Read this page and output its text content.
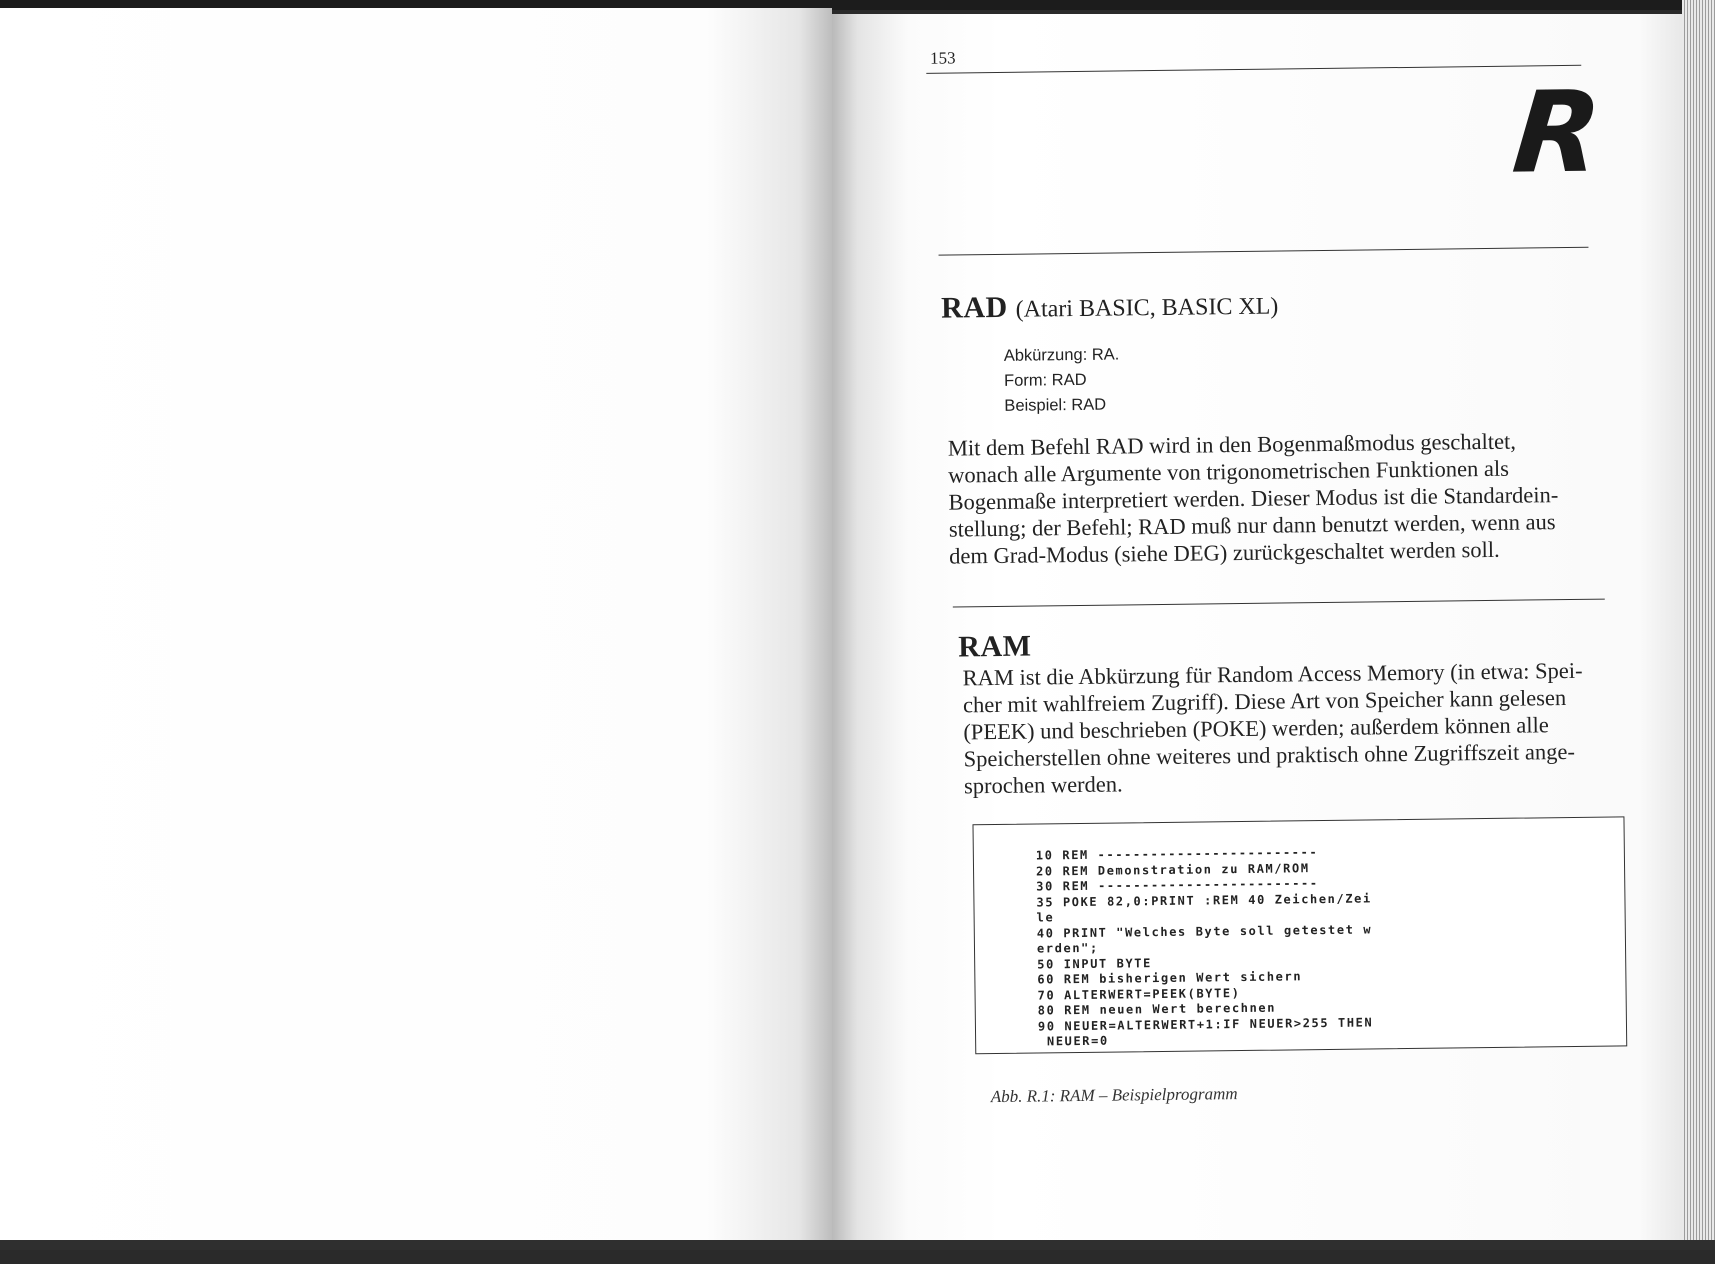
153
R
RAD (Atari BASIC, BASIC XL)
Abkürzung: RA.
Form: RAD
Beispiel: RAD
Mit dem Befehl RAD wird in den Bogenmaßmodus geschaltet,
wonach alle Argumente von trigonometrischen Funktionen als
Bogenmaße interpretiert werden. Dieser Modus ist die Standardein-
stellung; der Befehl; RAD muß nur dann benutzt werden, wenn aus
dem Grad-Modus (siehe DEG) zurückgeschaltet werden soll.
RAM
RAM ist die Abkürzung für Random Access Memory (in etwa: Spei-
cher mit wahlfreiem Zugriff). Diese Art von Speicher kann gelesen
(PEEK) und beschrieben (POKE) werden; außerdem können alle
Speicherstellen ohne weiteres und praktisch ohne Zugriffszeit ange-
sprochen werden.
10 REM -------------------------
20 REM Demonstration zu RAM/ROM
30 REM -------------------------
35 POKE 82,0:PRINT :REM 40 Zeichen/Zei
le
40 PRINT "Welches Byte soll getestet w
erden";
50 INPUT BYTE
60 REM bisherigen Wert sichern
70 ALTERWERT=PEEK(BYTE)
80 REM neuen Wert berechnen
90 NEUER=ALTERWERT+1:IF NEUER>255 THEN
NEUER=0
Abb. R.1: RAM – Beispielprogramm
